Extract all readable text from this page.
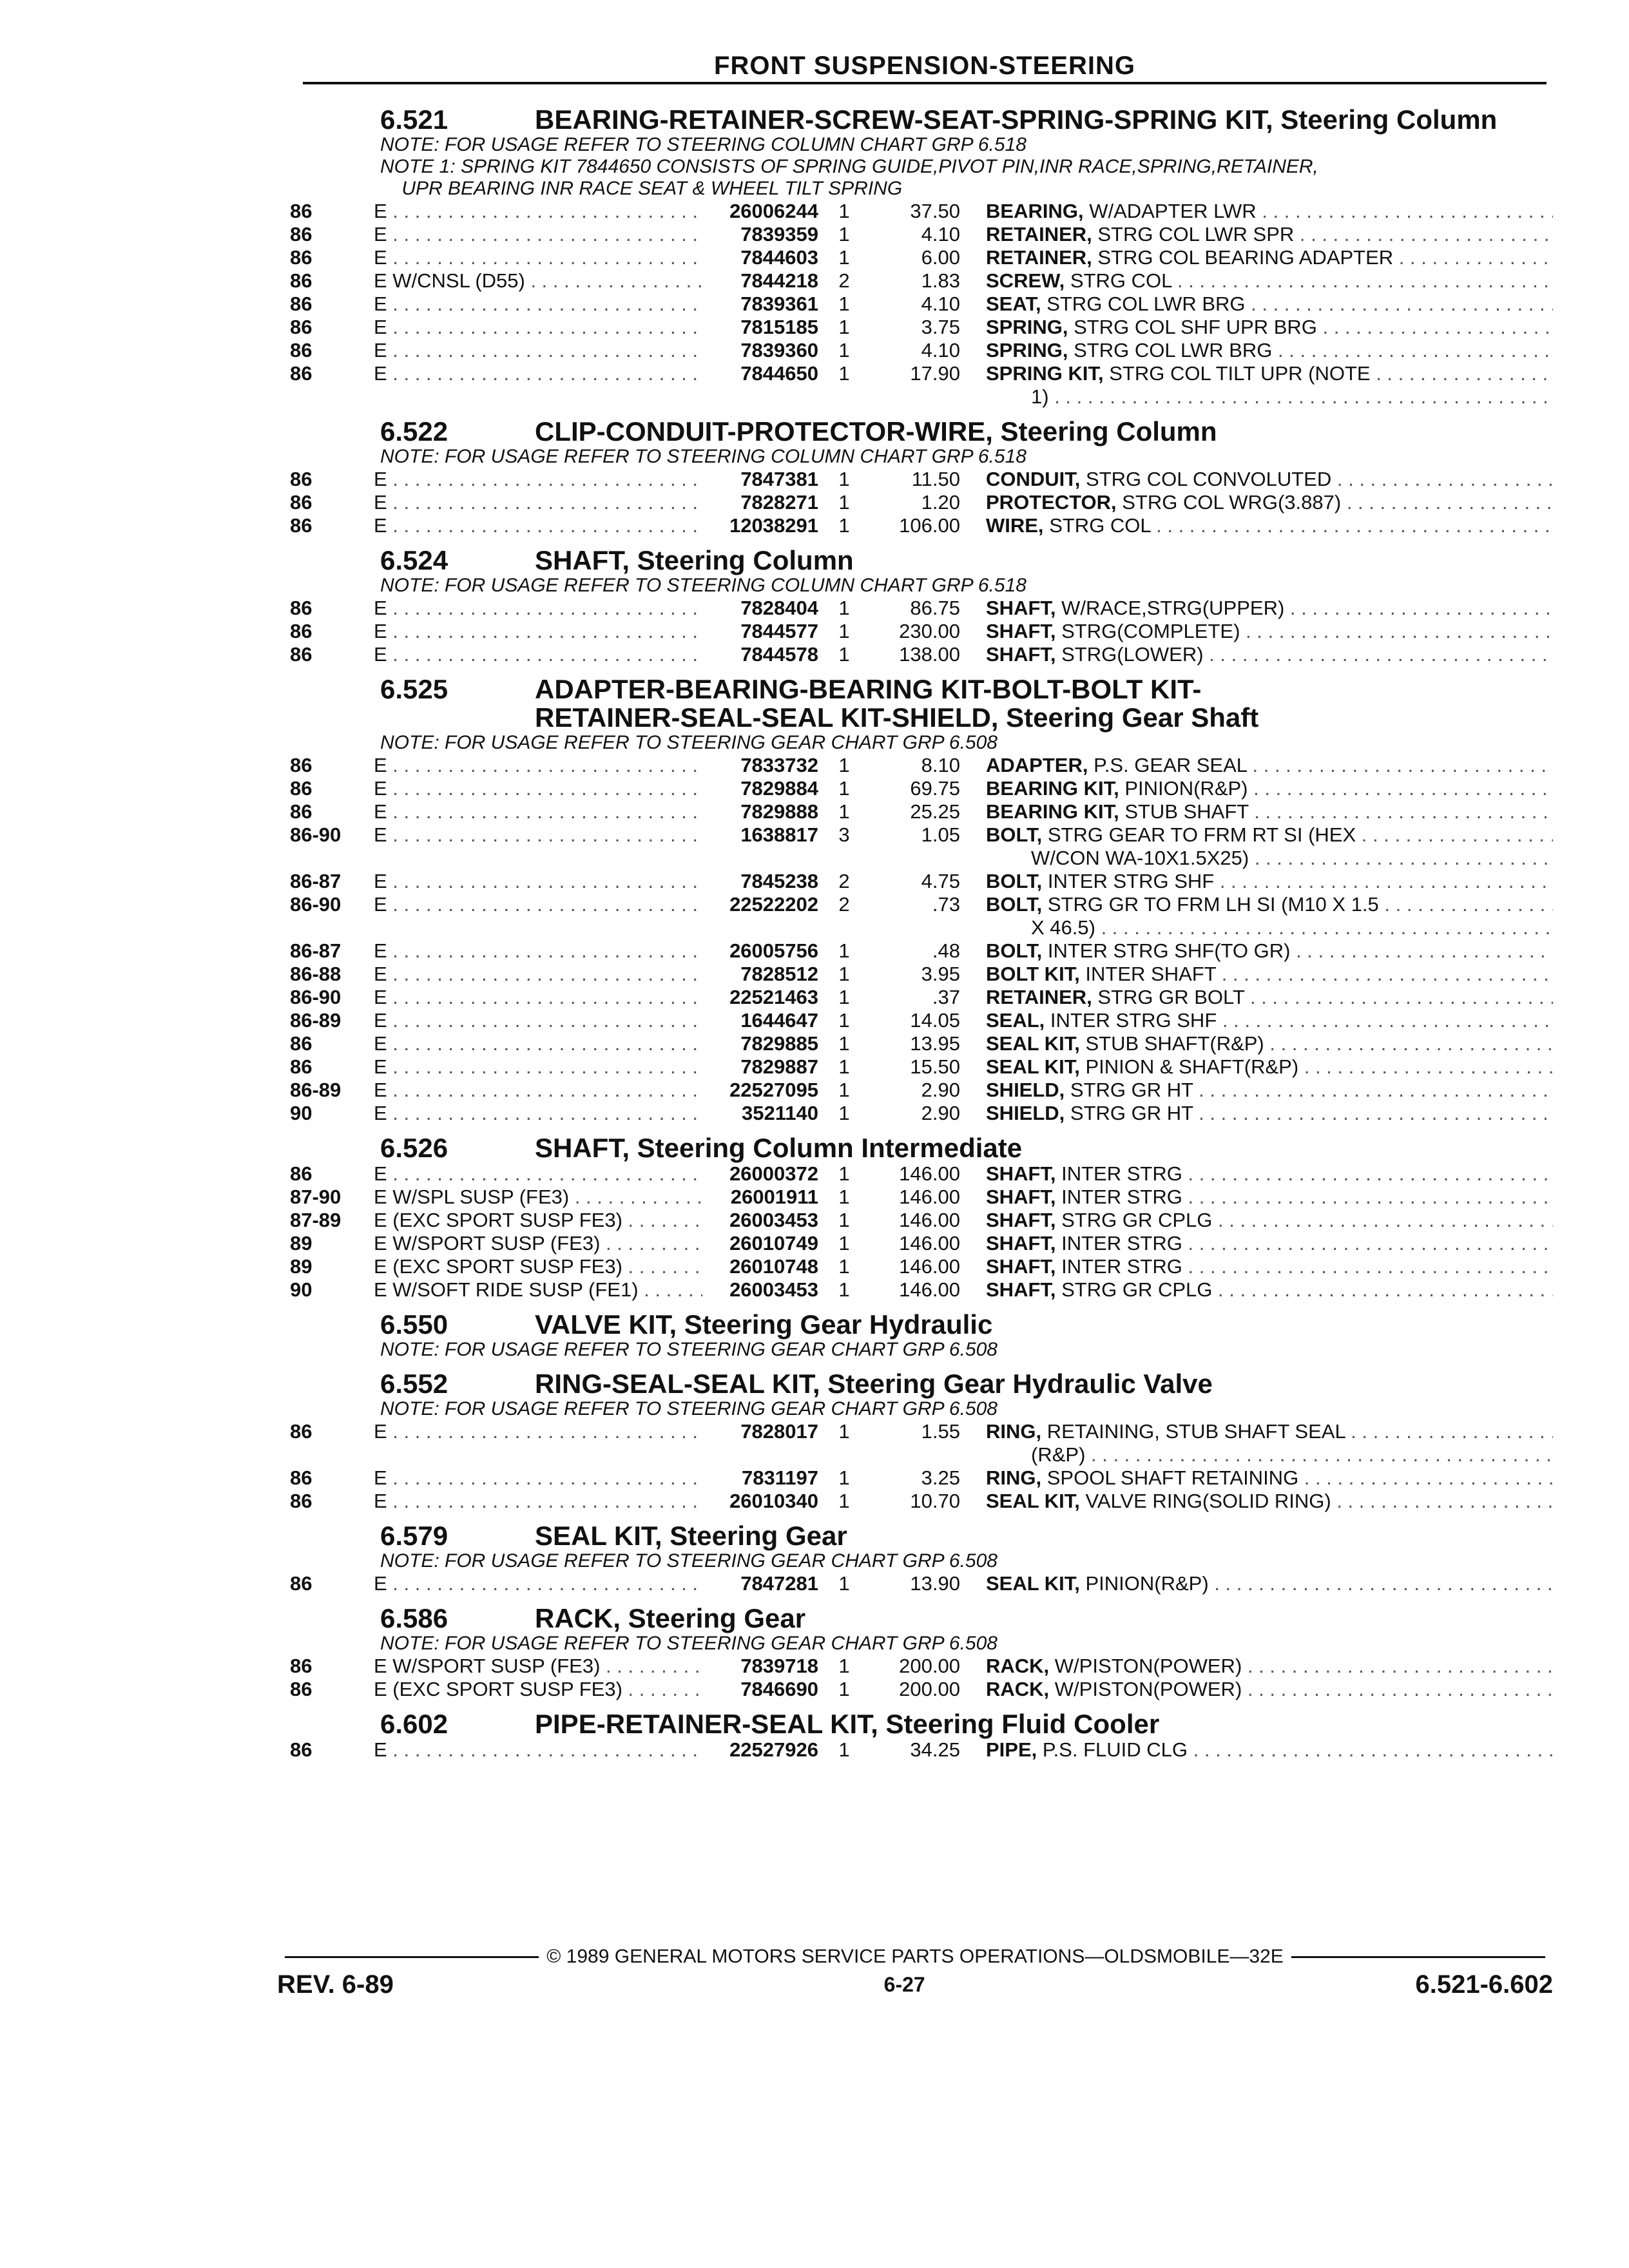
FRONT SUSPENSION-STEERING
6.521	BEARING-RETAINER-SCREW-SEAT-SPRING-SPRING KIT, Steering Column
NOTE: FOR USAGE REFER TO STEERING COLUMN CHART GRP 6.518
NOTE 1: SPRING KIT 7844650 CONSISTS OF SPRING GUIDE,PIVOT PIN,INR RACE,SPRING,RETAINER,
UPR BEARING INR RACE SEAT & WHEEL TILT SPRING
86	E . . .	26006244	1	37.50	BEARING, W/ADAPTER LWR . . .
86	E . . .	7839359	1	4.10	RETAINER, STRG COL LWR SPR . . .
86	E . . .	7844603	1	6.00	RETAINER, STRG COL BEARING ADAPTER . . .
86	E W/CNSL (D55) . . .	7844218	2	1.83	SCREW, STRG COL . . .
86	E . . .	7839361	1	4.10	SEAT, STRG COL LWR BRG . . .
86	E . . .	7815185	1	3.75	SPRING, STRG COL SHF UPR BRG . . .
86	E . . .	7839360	1	4.10	SPRING, STRG COL LWR BRG . . .
86	E . . .	7844650	1	17.90	SPRING KIT, STRG COL TILT UPR (NOTE . . .
1) . . .
6.522	CLIP-CONDUIT-PROTECTOR-WIRE, Steering Column
NOTE: FOR USAGE REFER TO STEERING COLUMN CHART GRP 6.518
86	E . . .	7847381	1	11.50	CONDUIT, STRG COL CONVOLUTED . . .
86	E . . .	7828271	1	1.20	PROTECTOR, STRG COL WRG(3.887) . . .
86	E . . .	12038291	1	106.00	WIRE, STRG COL . . .
6.524	SHAFT, Steering Column
NOTE: FOR USAGE REFER TO STEERING COLUMN CHART GRP 6.518
86	E . . .	7828404	1	86.75	SHAFT, W/RACE,STRG(UPPER) . . .
86	E . . .	7844577	1	230.00	SHAFT, STRG(COMPLETE) . . .
86	E . . .	7844578	1	138.00	SHAFT, STRG(LOWER) . . .
6.525	ADAPTER-BEARING-BEARING KIT-BOLT-BOLT KIT-
RETAINER-SEAL-SEAL KIT-SHIELD, Steering Gear Shaft
NOTE: FOR USAGE REFER TO STEERING GEAR CHART GRP 6.508
86	E . . .	7833732	1	8.10	ADAPTER, P.S. GEAR SEAL . . .
86	E . . .	7829884	1	69.75	BEARING KIT, PINION(R&P) . . .
86	E . . .	7829888	1	25.25	BEARING KIT, STUB SHAFT . . .
86-90	E . . .	1638817	3	1.05	BOLT, STRG GEAR TO FRM RT SI (HEX . . .
W/CON WA-10X1.5X25) . . .
86-87	E . . .	7845238	2	4.75	BOLT, INTER STRG SHF . . .
86-90	E . . .	22522202	2	.73	BOLT, STRG GR TO FRM LH SI (M10 X 1.5 . . .
X 46.5) . . .
86-87	E . . .	26005756	1	.48	BOLT, INTER STRG SHF(TO GR) . . .
86-88	E . . .	7828512	1	3.95	BOLT KIT, INTER SHAFT . . .
86-90	E . . .	22521463	1	.37	RETAINER, STRG GR BOLT . . .
86-89	E . . .	1644647	1	14.05	SEAL, INTER STRG SHF . . .
86	E . . .	7829885	1	13.95	SEAL KIT, STUB SHAFT(R&P) . . .
86	E . . .	7829887	1	15.50	SEAL KIT, PINION & SHAFT(R&P) . . .
86-89	E . . .	22527095	1	2.90	SHIELD, STRG GR HT . . .
90	E . . .	3521140	1	2.90	SHIELD, STRG GR HT . . .
6.526	SHAFT, Steering Column Intermediate
86	E . . .	26000372	1	146.00	SHAFT, INTER STRG . . .
87-90	E W/SPL SUSP (FE3) . . .	26001911	1	146.00	SHAFT, INTER STRG . . .
87-89	E (EXC SPORT SUSP FE3) . . .	26003453	1	146.00	SHAFT, STRG GR CPLG . . .
89	E W/SPORT SUSP (FE3) . . .	26010749	1	146.00	SHAFT, INTER STRG . . .
89	E (EXC SPORT SUSP FE3) . . .	26010748	1	146.00	SHAFT, INTER STRG . . .
90	E W/SOFT RIDE SUSP (FE1) . . .	26003453	1	146.00	SHAFT, STRG GR CPLG . . .
6.550	VALVE KIT, Steering Gear Hydraulic
NOTE: FOR USAGE REFER TO STEERING GEAR CHART GRP 6.508
6.552	RING-SEAL-SEAL KIT, Steering Gear Hydraulic Valve
NOTE: FOR USAGE REFER TO STEERING GEAR CHART GRP 6.508
86	E . . .	7828017	1	1.55	RING, RETAINING, STUB SHAFT SEAL . . .
(R&P) . . .
86	E . . .	7831197	1	3.25	RING, SPOOL SHAFT RETAINING . . .
86	E . . .	26010340	1	10.70	SEAL KIT, VALVE RING(SOLID RING) . . .
6.579	SEAL KIT, Steering Gear
NOTE: FOR USAGE REFER TO STEERING GEAR CHART GRP 6.508
86	E . . .	7847281	1	13.90	SEAL KIT, PINION(R&P) . . .
6.586	RACK, Steering Gear
NOTE: FOR USAGE REFER TO STEERING GEAR CHART GRP 6.508
86	E W/SPORT SUSP (FE3) . . .	7839718	1	200.00	RACK, W/PISTON(POWER) . . .
86	E (EXC SPORT SUSP FE3) . . .	7846690	1	200.00	RACK, W/PISTON(POWER) . . .
6.602	PIPE-RETAINER-SEAL KIT, Steering Fluid Cooler
86	E . . .	22527926	1	34.25	PIPE, P.S. FLUID CLG . . .
© 1989 GENERAL MOTORS SERVICE PARTS OPERATIONS—OLDSMOBILE—32E
REV. 6-89	6-27	6.521-6.602
